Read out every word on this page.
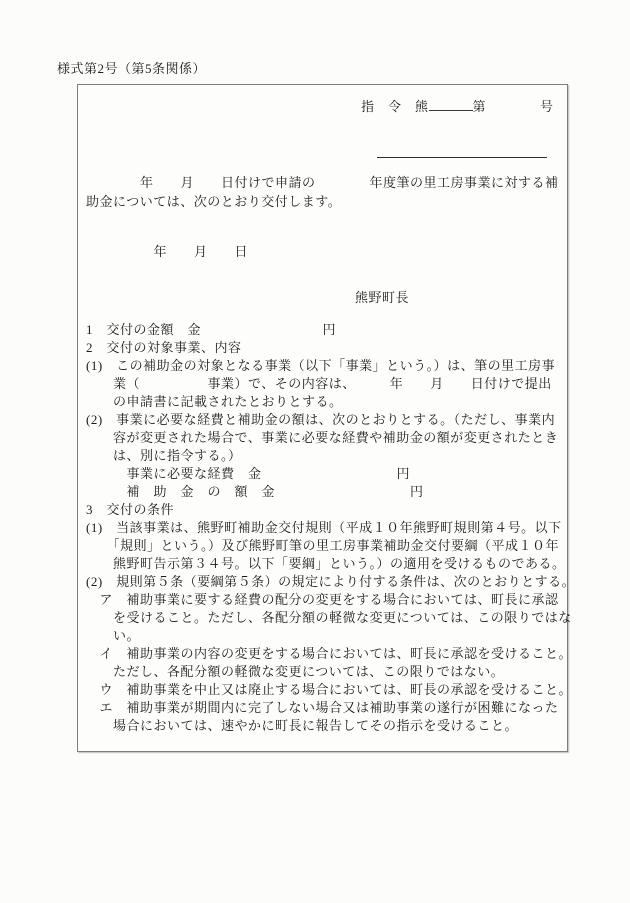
様式第2号（第5条関係）
指　令　熊	第　　　　号
　　　　年　　月　　日付けで申請の　　　　年度筆の里工房事業に対する補
助金については、次のとおり交付します。
　　　　　年　　月　　日
熊野町長
1　交付の金額　金　　　　　　　　　円
2　交付の対象事業、内容
(1)　この補助金の対象となる事業（以下「事業」という。）は、筆の里工房事
　　業（　　　　　事業）で、その内容は、　　　年　　月　　日付けで提出
　　の申請書に記載されたとおりとする。
(2)　事業に必要な経費と補助金の額は、次のとおりとする。（ただし、事業内
　　容が変更された場合で、事業に必要な経費や補助金の額が変更されたとき
　　は、別に指令する。）
　　　事業に必要な経費　金　　　　　　　　　　円
　　　補　助　金　の　額　金　　　　　　　　　　円
3　交付の条件
(1)　当該事業は、熊野町補助金交付規則（平成１０年熊野町規則第４号。以下
　　「規則」という。）及び熊野町筆の里工房事業補助金交付要綱（平成１０年
　　熊野町告示第３４号。以下「要綱」という。）の適用を受けるものである。
(2)　規則第５条（要綱第５条）の規定により付する条件は、次のとおりとする。
　ア　補助事業に要する経費の配分の変更をする場合においては、町長に承認
　　を受けること。ただし、各配分額の軽微な変更については、この限りではな
　　い。
　イ　補助事業の内容の変更をする場合においては、町長に承認を受けること。
　　ただし、各配分額の軽微な変更については、この限りではない。
　ウ　補助事業を中止又は廃止する場合においては、町長の承認を受けること。
　エ　補助事業が期間内に完了しない場合又は補助事業の遂行が困難になった
　　場合においては、速やかに町長に報告してその指示を受けること。
